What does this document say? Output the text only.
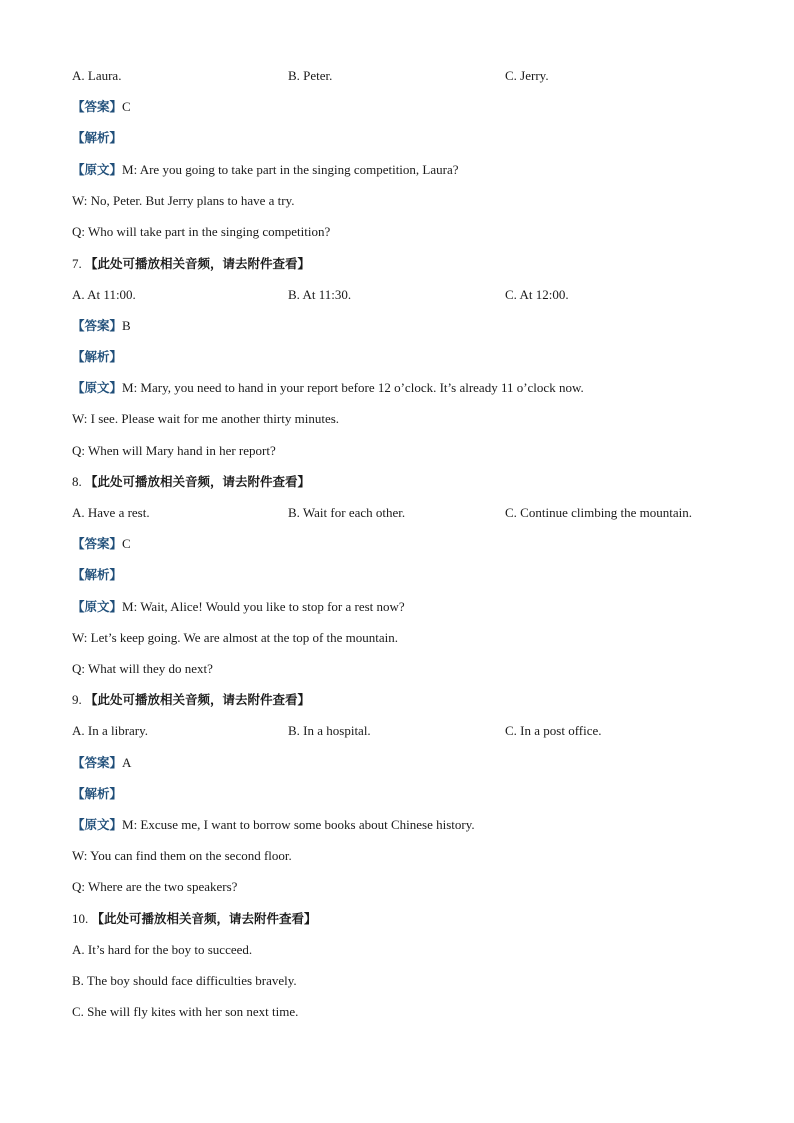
A. Laura.	B. Peter.	C. Jerry.
【答案】C
【解析】
【原文】M: Are you going to take part in the singing competition, Laura?
W: No, Peter. But Jerry plans to have a try.
Q: Who will take part in the singing competition?
7. 【此处可播放相关音频，请去附件查看】
A. At 11:00.	B. At 11:30.	C. At 12:00.
【答案】B
【解析】
【原文】M: Mary, you need to hand in your report before 12 o’clock. It’s already 11 o’clock now.
W: I see. Please wait for me another thirty minutes.
Q: When will Mary hand in her report?
8. 【此处可播放相关音频，请去附件查看】
A. Have a rest.	B. Wait for each other.	C. Continue climbing the mountain.
【答案】C
【解析】
【原文】M: Wait, Alice! Would you like to stop for a rest now?
W: Let’s keep going. We are almost at the top of the mountain.
Q: What will they do next?
9. 【此处可播放相关音频，请去附件查看】
A. In a library.	B. In a hospital.	C. In a post office.
【答案】A
【解析】
【原文】M: Excuse me, I want to borrow some books about Chinese history.
W: You can find them on the second floor.
Q: Where are the two speakers?
10. 【此处可播放相关音频，请去附件查看】
A. It’s hard for the boy to succeed.
B. The boy should face difficulties bravely.
C. She will fly kites with her son next time.
